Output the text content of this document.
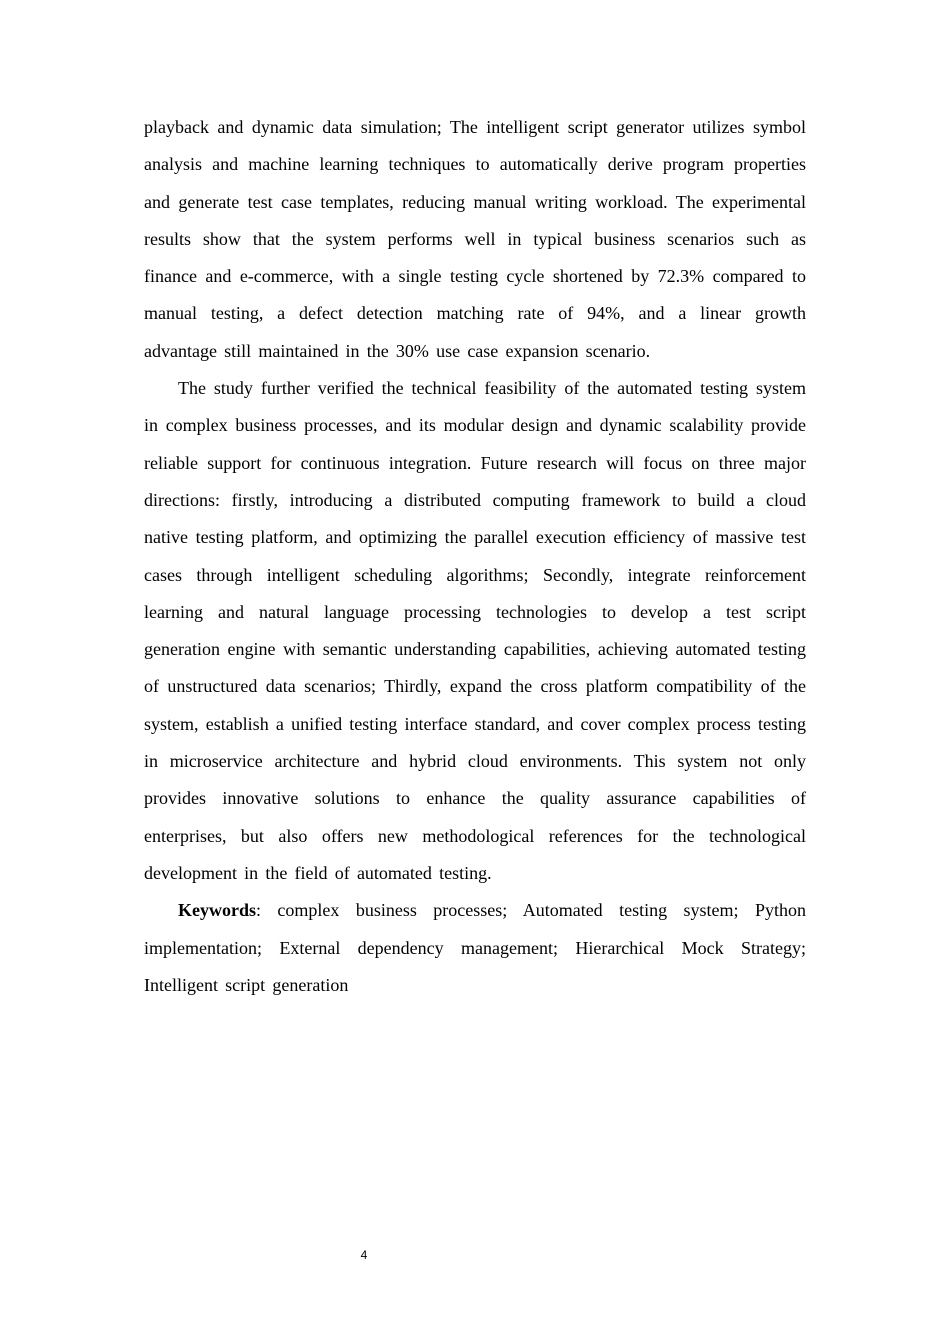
playback and dynamic data simulation; The intelligent script generator utilizes symbol analysis and machine learning techniques to automatically derive program properties and generate test case templates, reducing manual writing workload. The experimental results show that the system performs well in typical business scenarios such as finance and e-commerce, with a single testing cycle shortened by 72.3% compared to manual testing, a defect detection matching rate of 94%, and a linear growth advantage still maintained in the 30% use case expansion scenario.

The study further verified the technical feasibility of the automated testing system in complex business processes, and its modular design and dynamic scalability provide reliable support for continuous integration. Future research will focus on three major directions: firstly, introducing a distributed computing framework to build a cloud native testing platform, and optimizing the parallel execution efficiency of massive test cases through intelligent scheduling algorithms; Secondly, integrate reinforcement learning and natural language processing technologies to develop a test script generation engine with semantic understanding capabilities, achieving automated testing of unstructured data scenarios; Thirdly, expand the cross platform compatibility of the system, establish a unified testing interface standard, and cover complex process testing in microservice architecture and hybrid cloud environments. This system not only provides innovative solutions to enhance the quality assurance capabilities of enterprises, but also offers new methodological references for the technological development in the field of automated testing.

Keywords: complex business processes; Automated testing system; Python implementation; External dependency management; Hierarchical Mock Strategy; Intelligent script generation

4
